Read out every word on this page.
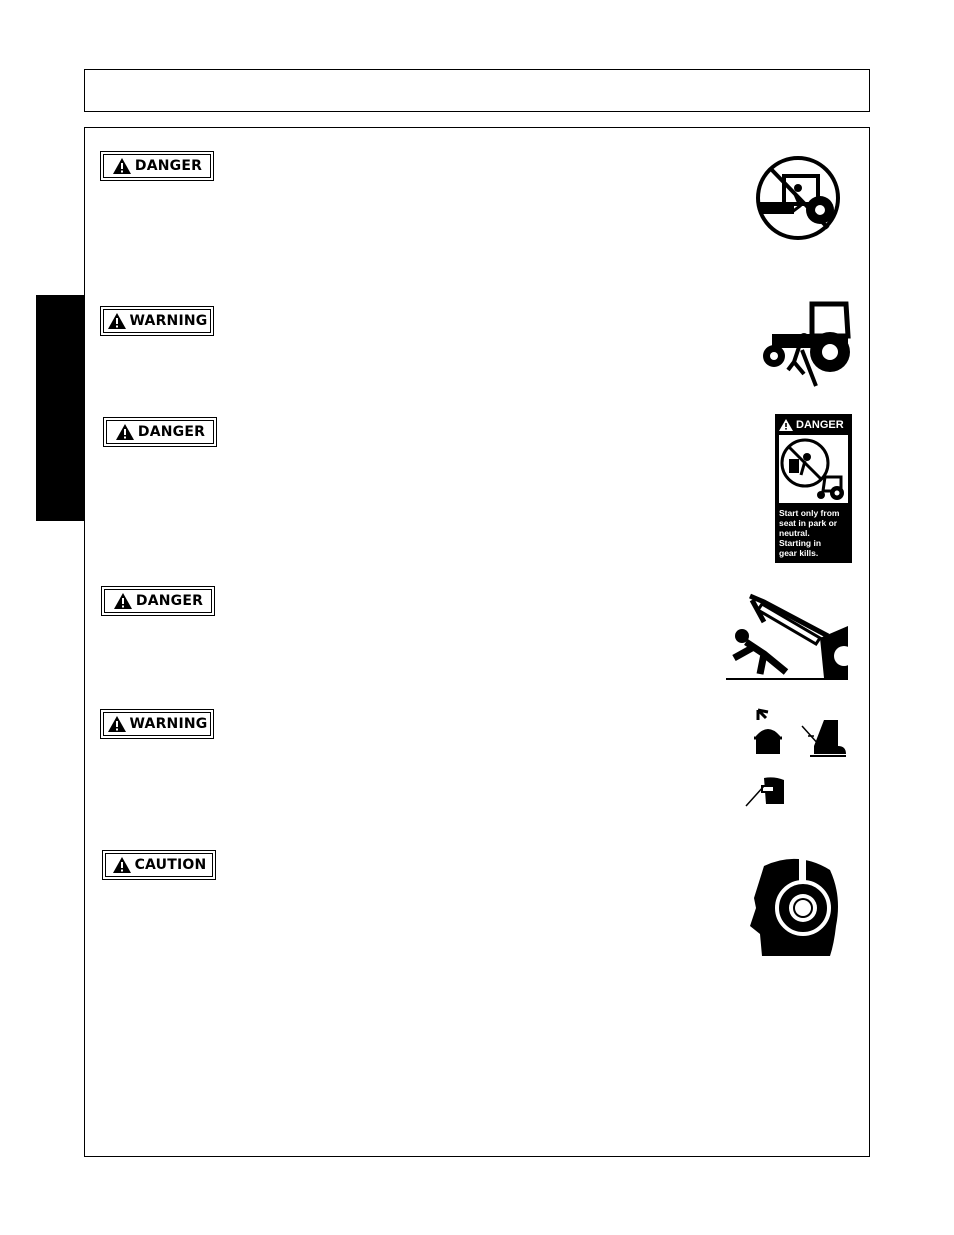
DANGER
WARNING
DANGER
DANGER
WARNING
CAUTION
DANGER
Start only from
seat in park or
neutral.
Starting in
gear kills.
